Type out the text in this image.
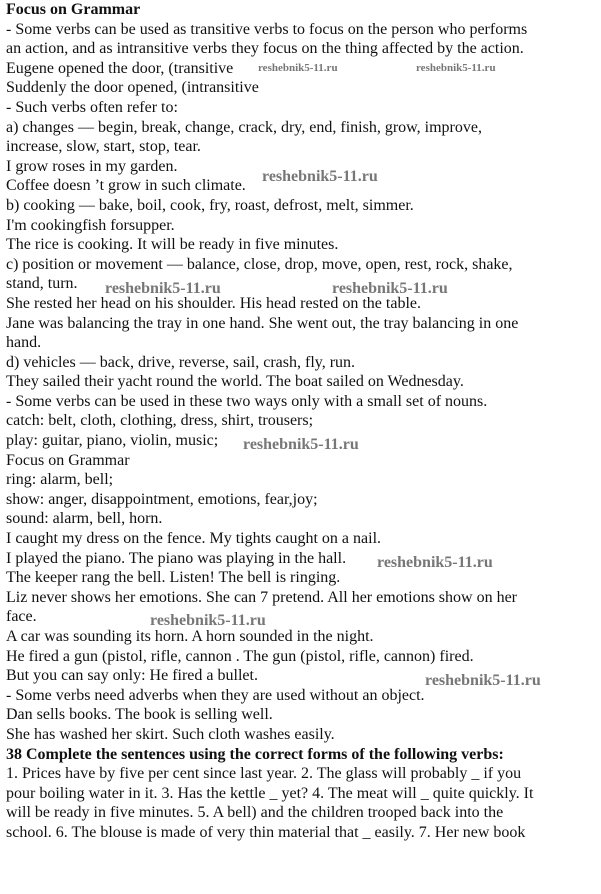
Focus on Grammar
- Some verbs can be used as transitive verbs to focus on the person who performs
an action, and as intransitive verbs they focus on the thing affected by the action.
Eugene opened the door, (transitive
Suddenly the door opened, (intransitive
- Such verbs often refer to:
a) changes — begin, break, change, crack, dry, end, finish, grow, improve,
increase, slow, start, stop, tear.
I grow roses in my garden.
Coffee doesn ’t grow in such climate.
b) cooking — bake, boil, cook, fry, roast, defrost, melt, simmer.
I'm cookingfish forsupper.
The rice is cooking. It will be ready in five minutes.
c) position or movement — balance, close, drop, move, open, rest, rock, shake,
stand, turn.
She rested her head on his shoulder. His head rested on the table.
Jane was balancing the tray in one hand. She went out, the tray balancing in one
hand.
d) vehicles — back, drive, reverse, sail, crash, fly, run.
They sailed their yacht round the world. The boat sailed on Wednesday.
- Some verbs can be used in these two ways only with a small set of nouns.
catch: belt, cloth, clothing, dress, shirt, trousers;
play: guitar, piano, violin, music;
Focus on Grammar
ring: alarm, bell;
show: anger, disappointment, emotions, fear,joy;
sound: alarm, bell, horn.
I caught my dress on the fence. My tights caught on a nail.
I played the piano. The piano was playing in the hall.
The keeper rang the bell. Listen! The bell is ringing.
Liz never shows her emotions. She can 7 pretend. All her emotions show on her
face.
A car was sounding its horn. A horn sounded in the night.
He fired a gun (pistol, rifle, cannon . The gun (pistol, rifle, cannon) fired.
But you can say only: He fired a bullet.
- Some verbs need adverbs when they are used without an object.
Dan sells books. The book is selling well.
She has washed her skirt. Such cloth washes easily.
38 Complete the sentences using the correct forms of the following verbs:
1. Prices have by five per cent since last year. 2. The glass will probably _ if you
pour boiling water in it. 3. Has the kettle _ yet? 4. The meat will _ quite quickly. It
will be ready in five minutes. 5. A bell) and the children trooped back into the
school. 6. The blouse is made of very thin material that _ easily. 7. Her new book
reshebnik5-11.ru	reshebnik5-11.ru
reshebnik5-11.ru
reshebnik5-11.ru	reshebnik5-11.ru
reshebnik5-11.ru
reshebnik5-11.ru
reshebnik5-11.ru
reshebnik5-11.ru
